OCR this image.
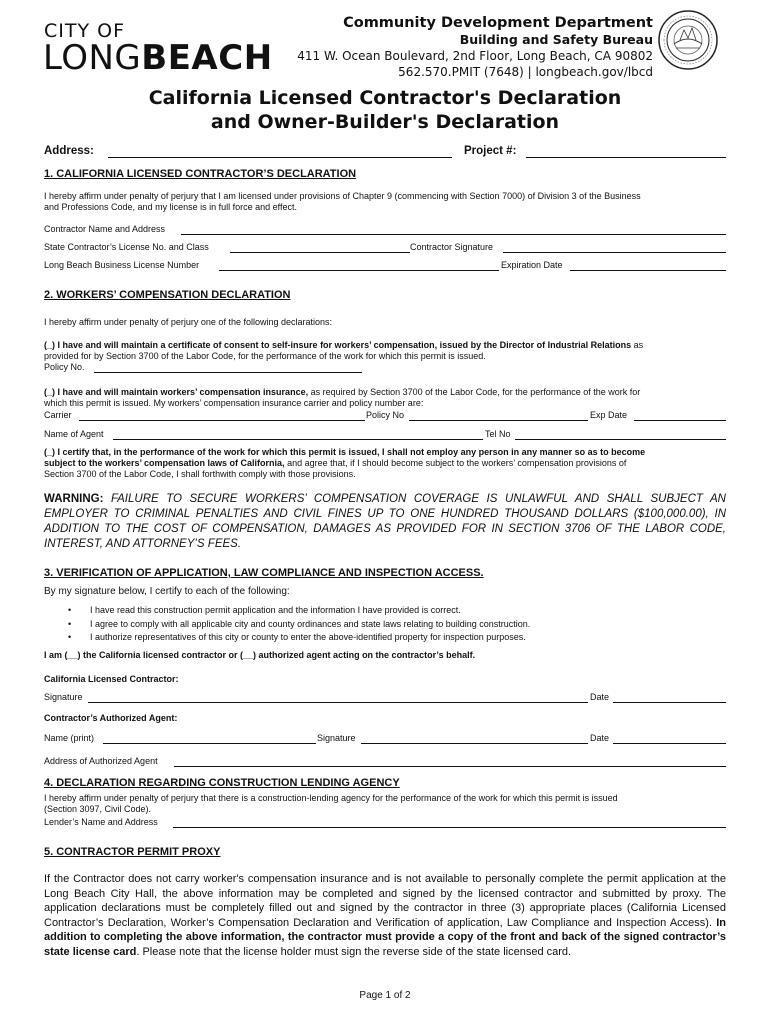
CITY OF
LONGBEACH
Community Development Department
Building and Safety Bureau
411 W. Ocean Boulevard, 2nd Floor, Long Beach, CA 90802
562.570.PMIT (7648) | longbeach.gov/lbcd
California Licensed Contractor's Declaration
and Owner-Builder's Declaration
Address:	Project #:
1. CALIFORNIA LICENSED CONTRACTOR’S DECLARATION
I hereby affirm under penalty of perjury that I am licensed under provisions of Chapter 9 (commencing with Section 7000) of Division 3 of the Business
and Professions Code, and my license is in full force and effect.
Contractor Name and Address
State Contractor’s License No. and Class	Contractor Signature
Long Beach Business License Number	Expiration Date
2. WORKERS’ COMPENSATION DECLARATION
I hereby affirm under penalty of perjury one of the following declarations:
(_) I have and will maintain a certificate of consent to self-insure for workers’ compensation, issued by the Director of Industrial Relations as
provided for by Section 3700 of the Labor Code, for the performance of the work for which this permit is issued.
Policy No.
(_) I have and will maintain workers’ compensation insurance, as required by Section 3700 of the Labor Code, for the performance of the work for
which this permit is issued. My workers’ compensation insurance carrier and policy number are:
Carrier	Policy No	Exp Date
Name of Agent	Tel No
(_) I certify that, in the performance of the work for which this permit is issued, I shall not employ any person in any manner so as to become
subject to the workers’ compensation laws of California, and agree that, if I should become subject to the workers’ compensation provisions of
Section 3700 of the Labor Code, I shall forthwith comply with those provisions.
WARNING: FAILURE TO SECURE WORKERS’ COMPENSATION COVERAGE IS UNLAWFUL AND SHALL SUBJECT AN EMPLOYER TO CRIMINAL PENALTIES AND CIVIL FINES UP TO ONE HUNDRED THOUSAND DOLLARS ($100,000.00), IN ADDITION TO THE COST OF COMPENSATION, DAMAGES AS PROVIDED FOR IN SECTION 3706 OF THE LABOR CODE, INTEREST, AND ATTORNEY’S FEES.
3. VERIFICATION OF APPLICATION, LAW COMPLIANCE AND INSPECTION ACCESS.
By my signature below, I certify to each of the following:
• I have read this construction permit application and the information I have provided is correct.
• I agree to comply with all applicable city and county ordinances and state laws relating to building construction.
• I authorize representatives of this city or county to enter the above-identified property for inspection purposes.
I am (__) the California licensed contractor or (__) authorized agent acting on the contractor’s behalf.
California Licensed Contractor:
Signature	Date
Contractor’s Authorized Agent:
Name (print)	Signature	Date
Address of Authorized Agent
4. DECLARATION REGARDING CONSTRUCTION LENDING AGENCY
I hereby affirm under penalty of perjury that there is a construction-lending agency for the performance of the work for which this permit is issued
(Section 3097, Civil Code).
Lender’s Name and Address
5. CONTRACTOR PERMIT PROXY
If the Contractor does not carry worker's compensation insurance and is not available to personally complete the permit application at the Long Beach City Hall, the above information may be completed and signed by the licensed contractor and submitted by proxy. The application declarations must be completely filled out and signed by the contractor in three (3) appropriate places (California Licensed Contractor’s Declaration, Worker’s Compensation Declaration and Verification of application, Law Compliance and Inspection Access). In addition to completing the above information, the contractor must provide a copy of the front and back of the signed contractor’s state license card. Please note that the license holder must sign the reverse side of the state licensed card.
Page 1 of 2
